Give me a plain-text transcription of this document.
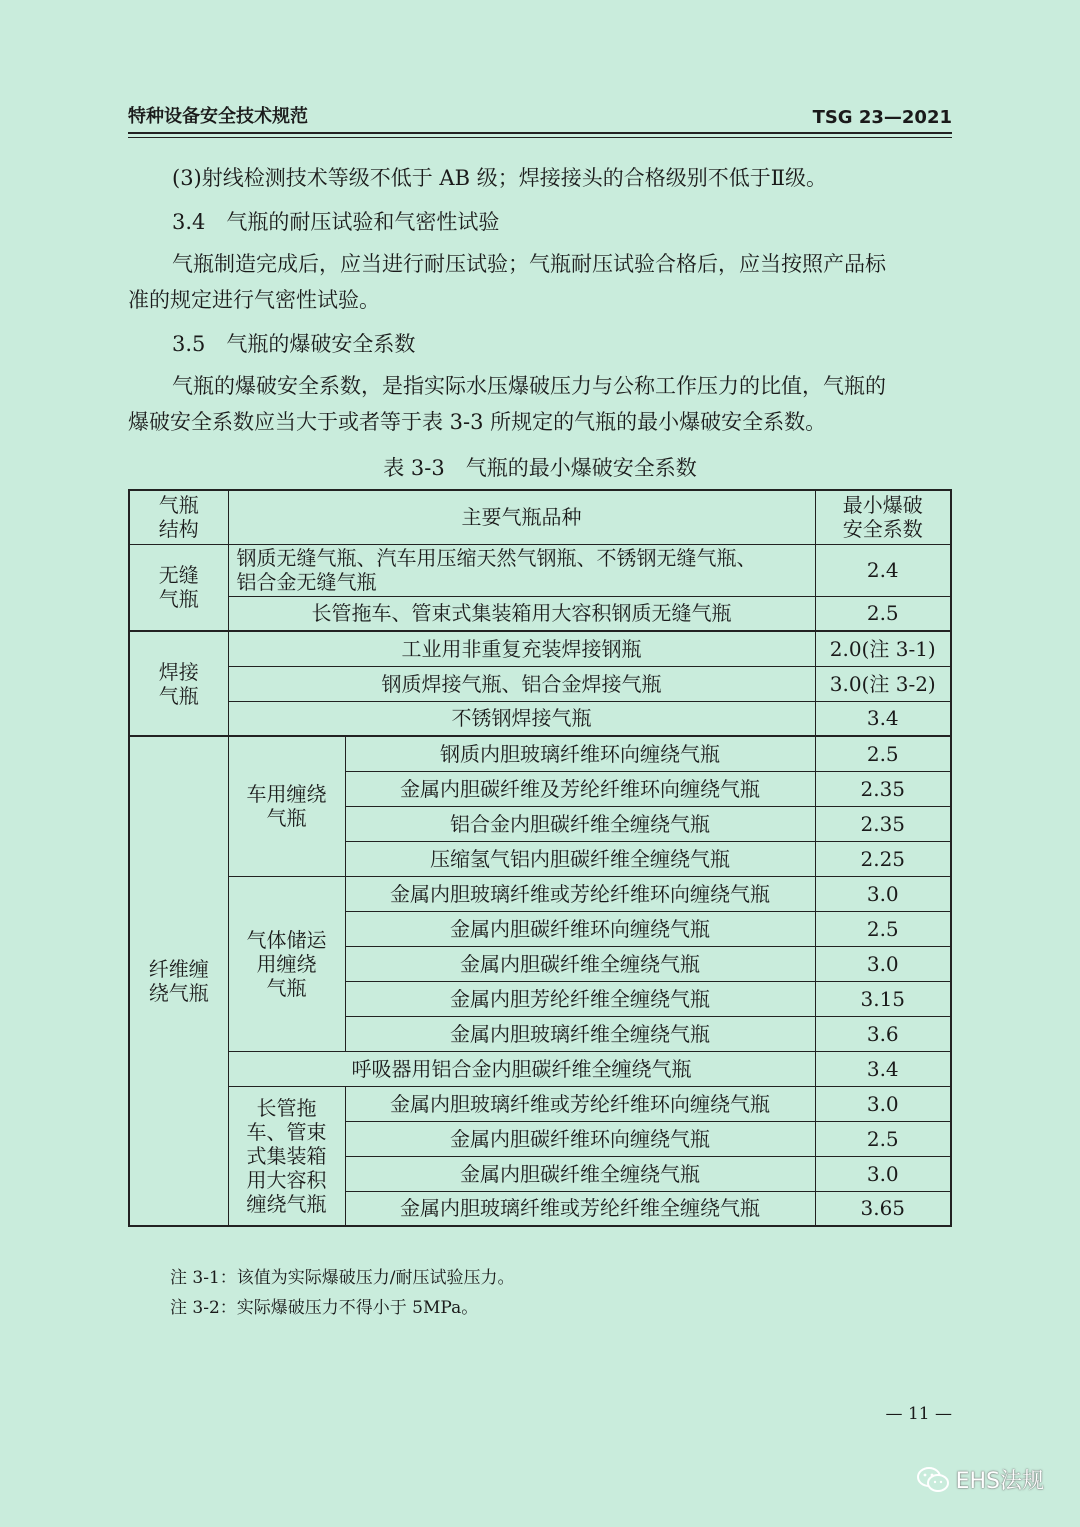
特种设备安全技术规范	TSG 23—2021

(3)射线检测技术等级不低于 AB 级；焊接接头的合格级别不低于Ⅱ级。

3.4　 气瓶的耐压试验和气密性试验

气瓶制造完成后，应当进行耐压试验；气瓶耐压试验合格后，应当按照产品标

准的规定进行气密性试验。

3.5　 气瓶的爆破安全系数

气瓶的爆破安全系数，是指实际水压爆破压力与公称工作压力的比值，气瓶的

爆破安全系数应当大于或者等于表 3-3 所规定的气瓶的最小爆破安全系数。

表 3-3　气瓶的最小爆破安全系数
气瓶
结构	主要气瓶品种		最小爆破
安全系数
无缝
气瓶	钢质无缝气瓶、汽车用压缩天然气钢瓶、不锈钢无缝气瓶、
铝合金无缝气瓶		2.4
	长管拖车、管束式集装箱用大容积钢质无缝气瓶		2.5
焊接
气瓶	工业用非重复充装焊接钢瓶		2.0(注 3-1)
	钢质焊接气瓶、铝合金焊接气瓶		3.0(注 3-2)
	不锈钢焊接气瓶		3.4
纤维缠
绕气瓶	车用缠绕
气瓶	钢质内胆玻璃纤维环向缠绕气瓶	2.5
		金属内胆碳纤维及芳纶纤维环向缠绕气瓶	2.35
		铝合金内胆碳纤维全缠绕气瓶	2.35
		压缩氢气铝内胆碳纤维全缠绕气瓶	2.25
	气体储运
用缠绕
气瓶	金属内胆玻璃纤维或芳纶纤维环向缠绕气瓶	3.0
		金属内胆碳纤维环向缠绕气瓶	2.5
		金属内胆碳纤维全缠绕气瓶	3.0
		金属内胆芳纶纤维全缠绕气瓶	3.15
		金属内胆玻璃纤维全缠绕气瓶	3.6
	呼吸器用铝合金内胆碳纤维全缠绕气瓶		3.4
	长管拖
车、管束
式集装箱
用大容积
缠绕气瓶	金属内胆玻璃纤维或芳纶纤维环向缠绕气瓶	3.0
		金属内胆碳纤维环向缠绕气瓶	2.5
		金属内胆碳纤维全缠绕气瓶	3.0
		金属内胆玻璃纤维或芳纶纤维全缠绕气瓶	3.65
注 3-1：该值为实际爆破压力/耐压试验压力。
注 3-2：实际爆破压力不得小于 5MPa。
— 11 —
EHS法规
